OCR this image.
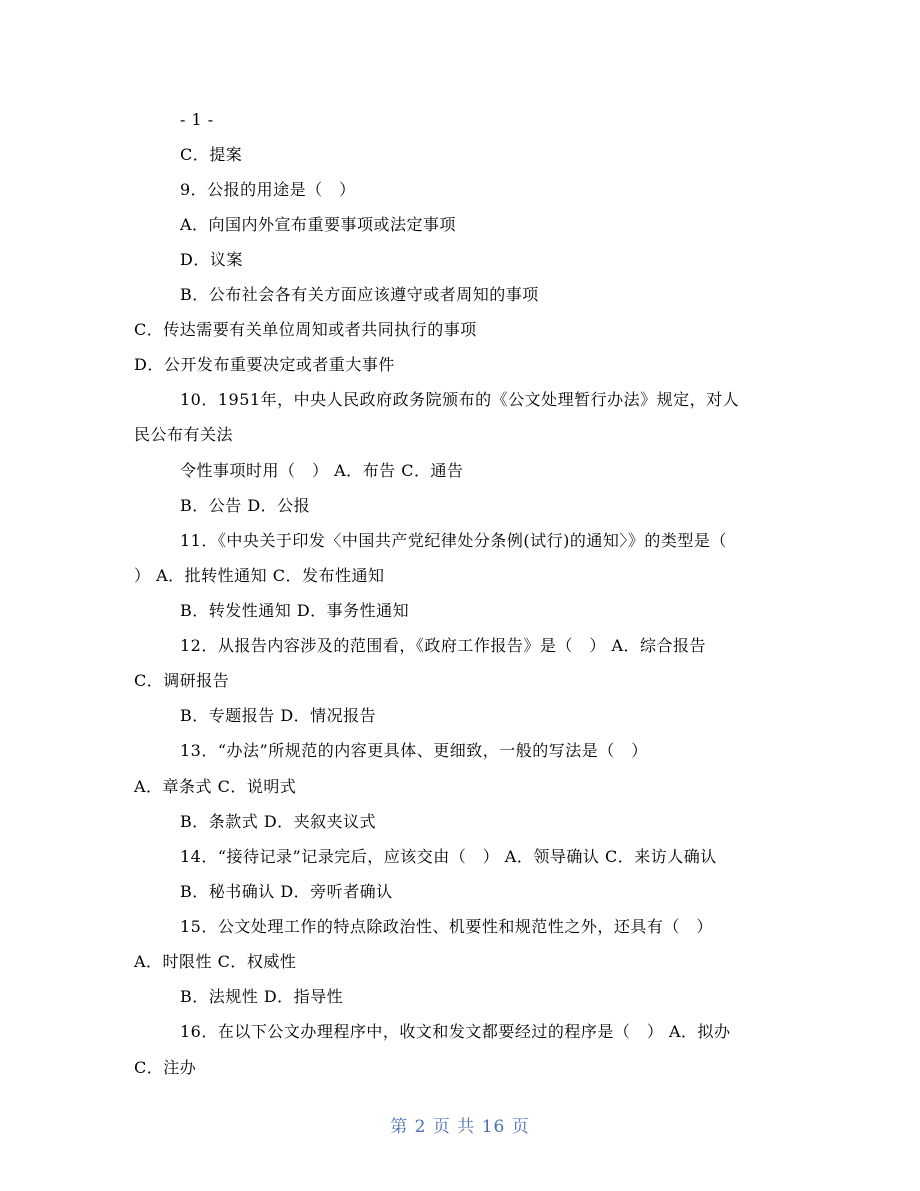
- 1 -
C．提案
9．公报的用途是（　）
A．向国内外宣布重要事项或法定事项
D．议案
B．公布社会各有关方面应该遵守或者周知的事项
C．传达需要有关单位周知或者共同执行的事项
D．公开发布重要决定或者重大事件
10．1951年，中央人民政府政务院颁布的《公文处理暂行办法》规定，对人
民公布有关法
令性事项时用（　） A．布告 C．通告
B．公告 D．公报
11．《中央关于印发〈中国共产党纪律处分条例(试行)的通知〉》的类型是（
） A．批转性通知 C．发布性通知
B．转发性通知 D．事务性通知
12．从报告内容涉及的范围看，《政府工作报告》是（　） A．综合报告
C．调研报告
B．专题报告 D．情况报告
13．“办法”所规范的内容更具体、更细致，一般的写法是（　）
A．章条式 C．说明式
B．条款式 D．夹叙夹议式
14．“接待记录”记录完后，应该交由（　） A．领导确认 C．来访人确认
B．秘书确认 D．旁听者确认
15．公文处理工作的特点除政治性、机要性和规范性之外，还具有（　）
A．时限性 C．权威性
B．法规性 D．指导性
16．在以下公文办理程序中，收文和发文都要经过的程序是（　） A．拟办
C．注办
第 2 页 共 16 页
